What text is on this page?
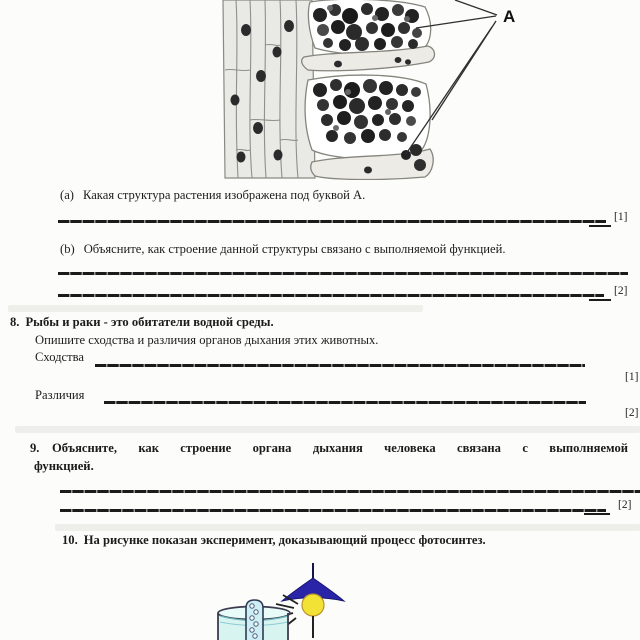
A
(a) Какая структура растения изображена под буквой А.
[1]
(b) Объясните, как строение данной структуры связано с выполняемой функцией.
[2]
8. Рыбы и раки - это обитатели водной среды.
Опишите сходства и различия органов дыхания этих животных.
Сходства
[1]
Различия
[2]
9. Объясните, как строение органа дыхания человека связана с выполняемой
функцией.
[2]
10. На рисунке показан эксперимент, доказывающий процесс фотосинтез.
